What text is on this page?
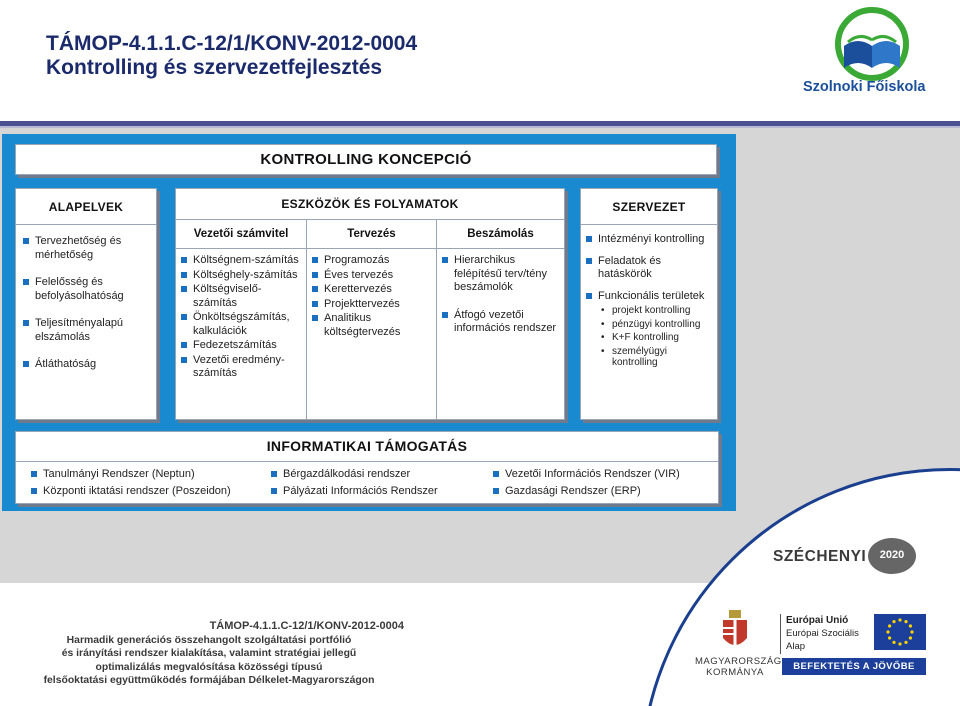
TÁMOP-4.1.1.C-12/1/KONV-2012-0004
Kontrolling és szervezetfejlesztés
Szolnoki Főiskola
KONTROLLING KONCEPCIÓ
ALAPELVEK
Tervezhetőség és mérhetőség
Felelősség és befolyásolhatóság
Teljesítményalapú elszámolás
Átláthatóság
ESZKÖZÖK ÉS FOLYAMATOK
Vezetői számvitel	Tervezés	Beszámolás
Költségnem-számítás
Költséghely-számítás
Költségviselő-számítás
Önköltségszámítás, kalkulációk
Fedezetszámítás
Vezetői eredmény-számítás
Programozás
Éves tervezés
Kerettervezés
Projekttervezés
Analitikus költségtervezés
Hierarchikus felépítésű terv/tény beszámolók
Átfogó vezetői információs rendszer
SZERVEZET
Intézményi kontrolling
Feladatok és hatáskörök
Funkcionális területek
• projekt kontrolling
• pénzügyi kontrolling
• K+F kontrolling
• személyügyi kontrolling
INFORMATIKAI TÁMOGATÁS
Tanulmányi Rendszer (Neptun)
Központi iktatási rendszer (Poszeidon)
Bérgazdálkodási rendszer
Pályázati Információs Rendszer
Vezetői Információs Rendszer (VIR)
Gazdasági Rendszer (ERP)
TÁMOP-4.1.1.C-12/1/KONV-2012-0004
Harmadik generációs összehangolt szolgáltatási portfólió
és irányítási rendszer kialakítása, valamint stratégiai jellegű
optimalizálás megvalósítása közösségi típusú
felsőoktatási együttműködés formájában Délkelet-Magyarországon
SZÉCHENYI	2020
MAGYARORSZÁG
KORMÁNYA
Európai Unió
Európai Szociális
Alap
BEFEKTETÉS A JÖVŐBE
